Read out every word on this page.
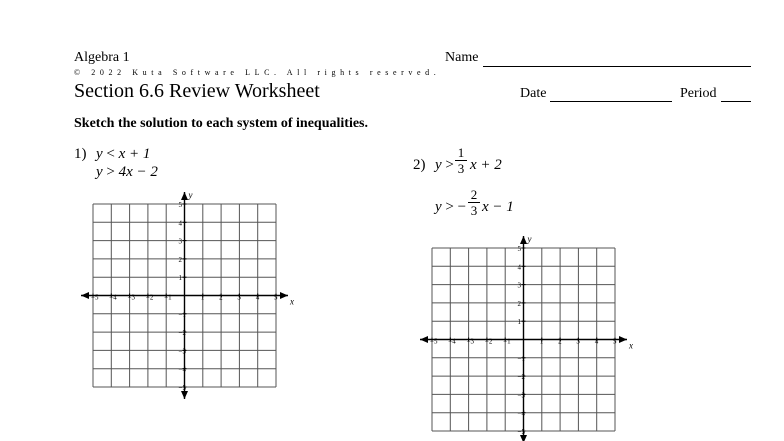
Algebra 1	Name
© 2022 Kuta Software LLC. All rights reserved.
Section 6.6 Review Worksheet	Date	Period
Sketch the solution to each system of inequalities.
1) y < x + 1
y > 4x − 2	2) y >
1
3 x + 2
y > −
2
3 x − 1
x
y
−5 −4 −3 −2 −1	1 2 3 4 5
5
4
3
2
1
−1
−2
−3
−4
−5
x
y
−5 −4 −3 −2 −1	1 2 3 4 5
5
4
3
2
1
−1
−2
−3
−4
−5
